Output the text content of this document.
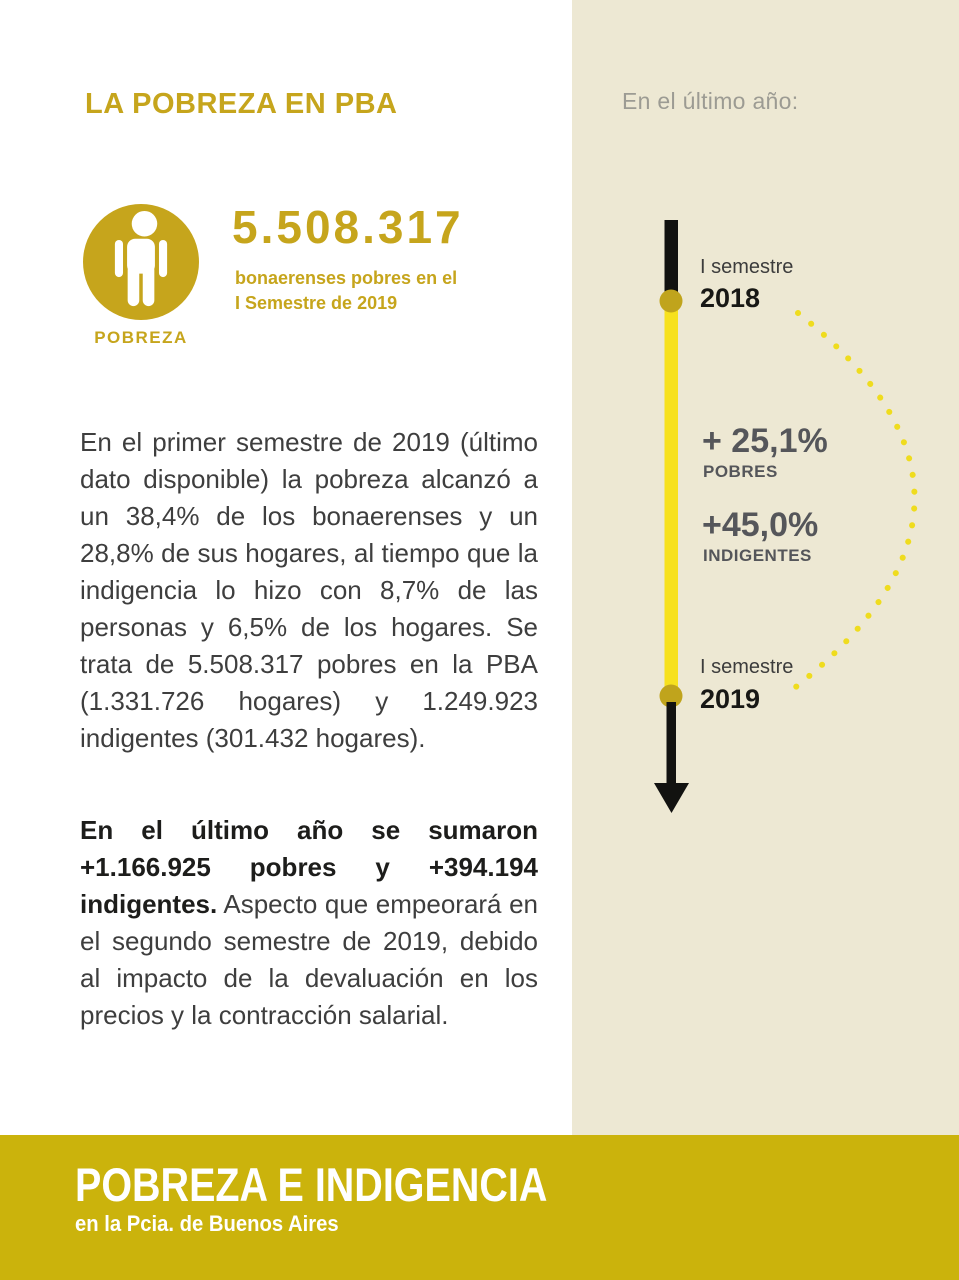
En el último año:
I semestre
2018
+ 25,1%
POBRES
+45,0%
INDIGENTES
I semestre
2019
LA POBREZA EN PBA
POBREZA
5.508.317
bonaerenses pobres en el
I Semestre de 2019

En el primer semestre de 2019 (último dato disponible) la pobreza alcanzó a un 38,4% de los bonaerenses y un 28,8% de sus hogares, al tiempo que la indigencia lo hizo con 8,7% de las personas y 6,5% de los hogares. Se trata de 5.508.317 pobres en la PBA (1.331.726 hogares) y 1.249.923 indigentes (301.432 hogares).

En el último año se sumaron +1.166.925 pobres y +394.194 indigentes. Aspecto que empeorará en el segundo semestre de 2019, debido al impacto de la devaluación en los precios y la contracción salarial.

POBREZA E INDIGENCIA
en la Pcia. de Buenos Aires
